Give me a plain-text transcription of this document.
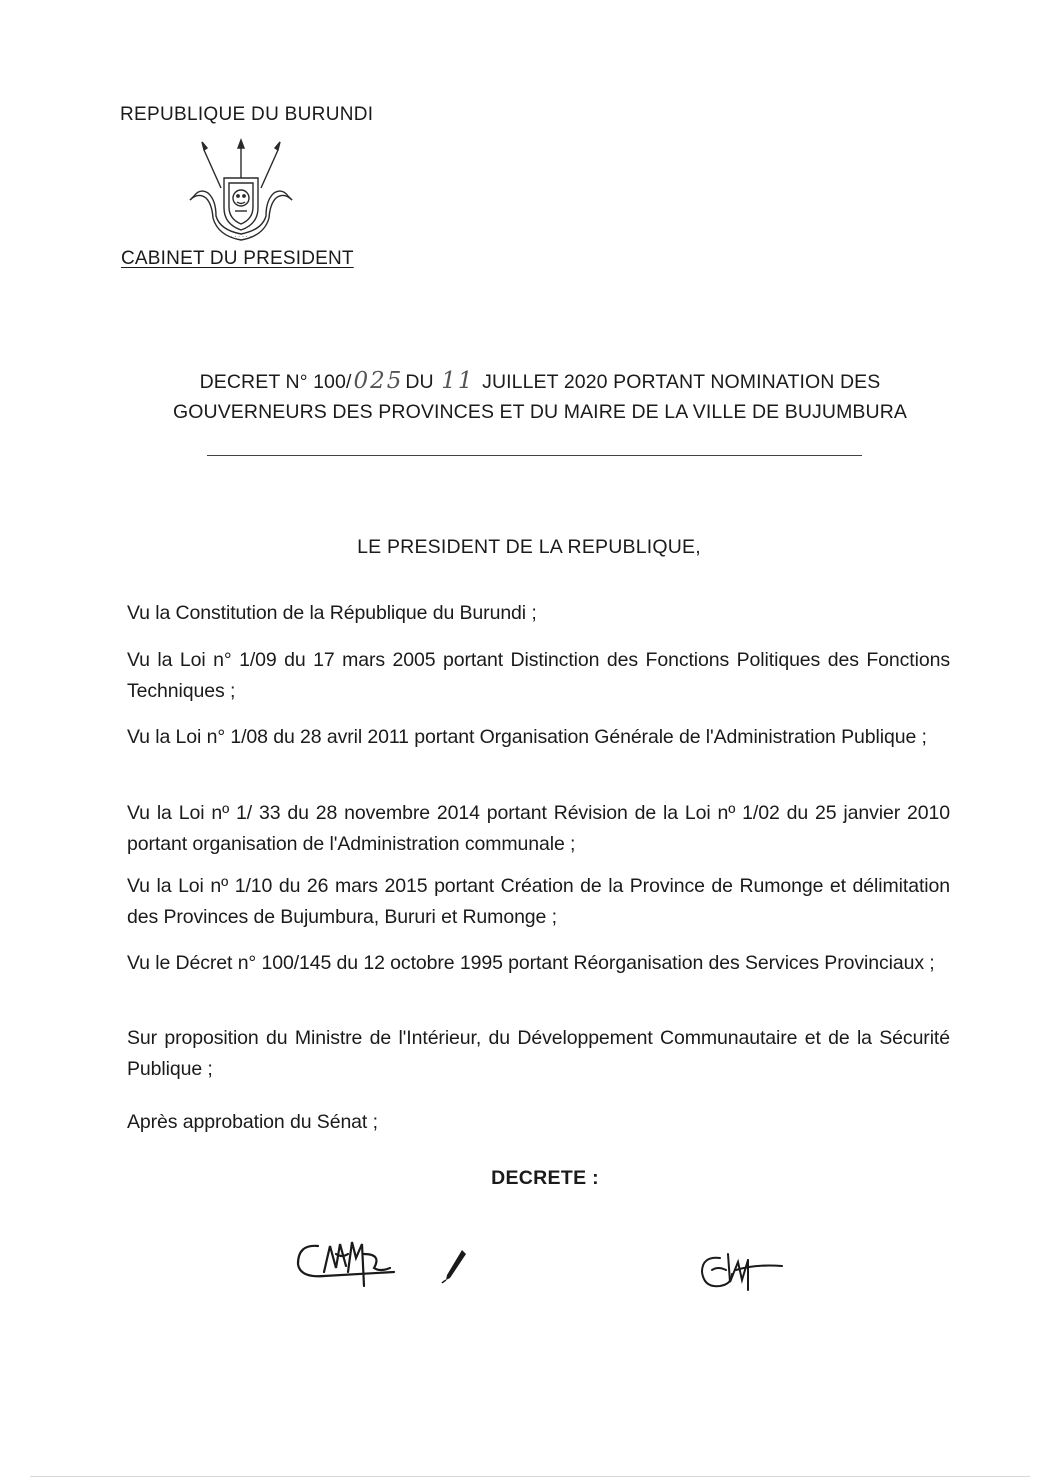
REPUBLIQUE DU BURUNDI
· · · · · ·
CABINET DU PRESIDENT
DECRET N° 100/025 DU 11 JUILLET 2020 PORTANT NOMINATION DES
GOUVERNEURS DES PROVINCES ET DU MAIRE DE LA VILLE DE BUJUMBURA
LE PRESIDENT DE LA REPUBLIQUE,
Vu la Constitution de la République du Burundi ;
Vu la Loi n° 1/09 du 17 mars 2005 portant Distinction des Fonctions Politiques des Fonctions Techniques ;
Vu la Loi n° 1/08 du 28 avril 2011 portant Organisation Générale de l'Administration Publique ;
Vu la Loi nº 1/ 33 du 28 novembre 2014 portant Révision de la Loi nº 1/02 du 25 janvier 2010 portant organisation de l'Administration communale ;
Vu la Loi nº 1/10 du 26 mars 2015 portant Création de la Province de Rumonge et délimitation des Provinces de Bujumbura, Bururi et Rumonge ;
Vu le Décret n° 100/145 du 12 octobre 1995 portant Réorganisation des Services Provinciaux ;
Sur proposition du Ministre de l'Intérieur, du Développement Communautaire et de la Sécurité Publique ;
Après approbation du Sénat ;
DECRETE :
